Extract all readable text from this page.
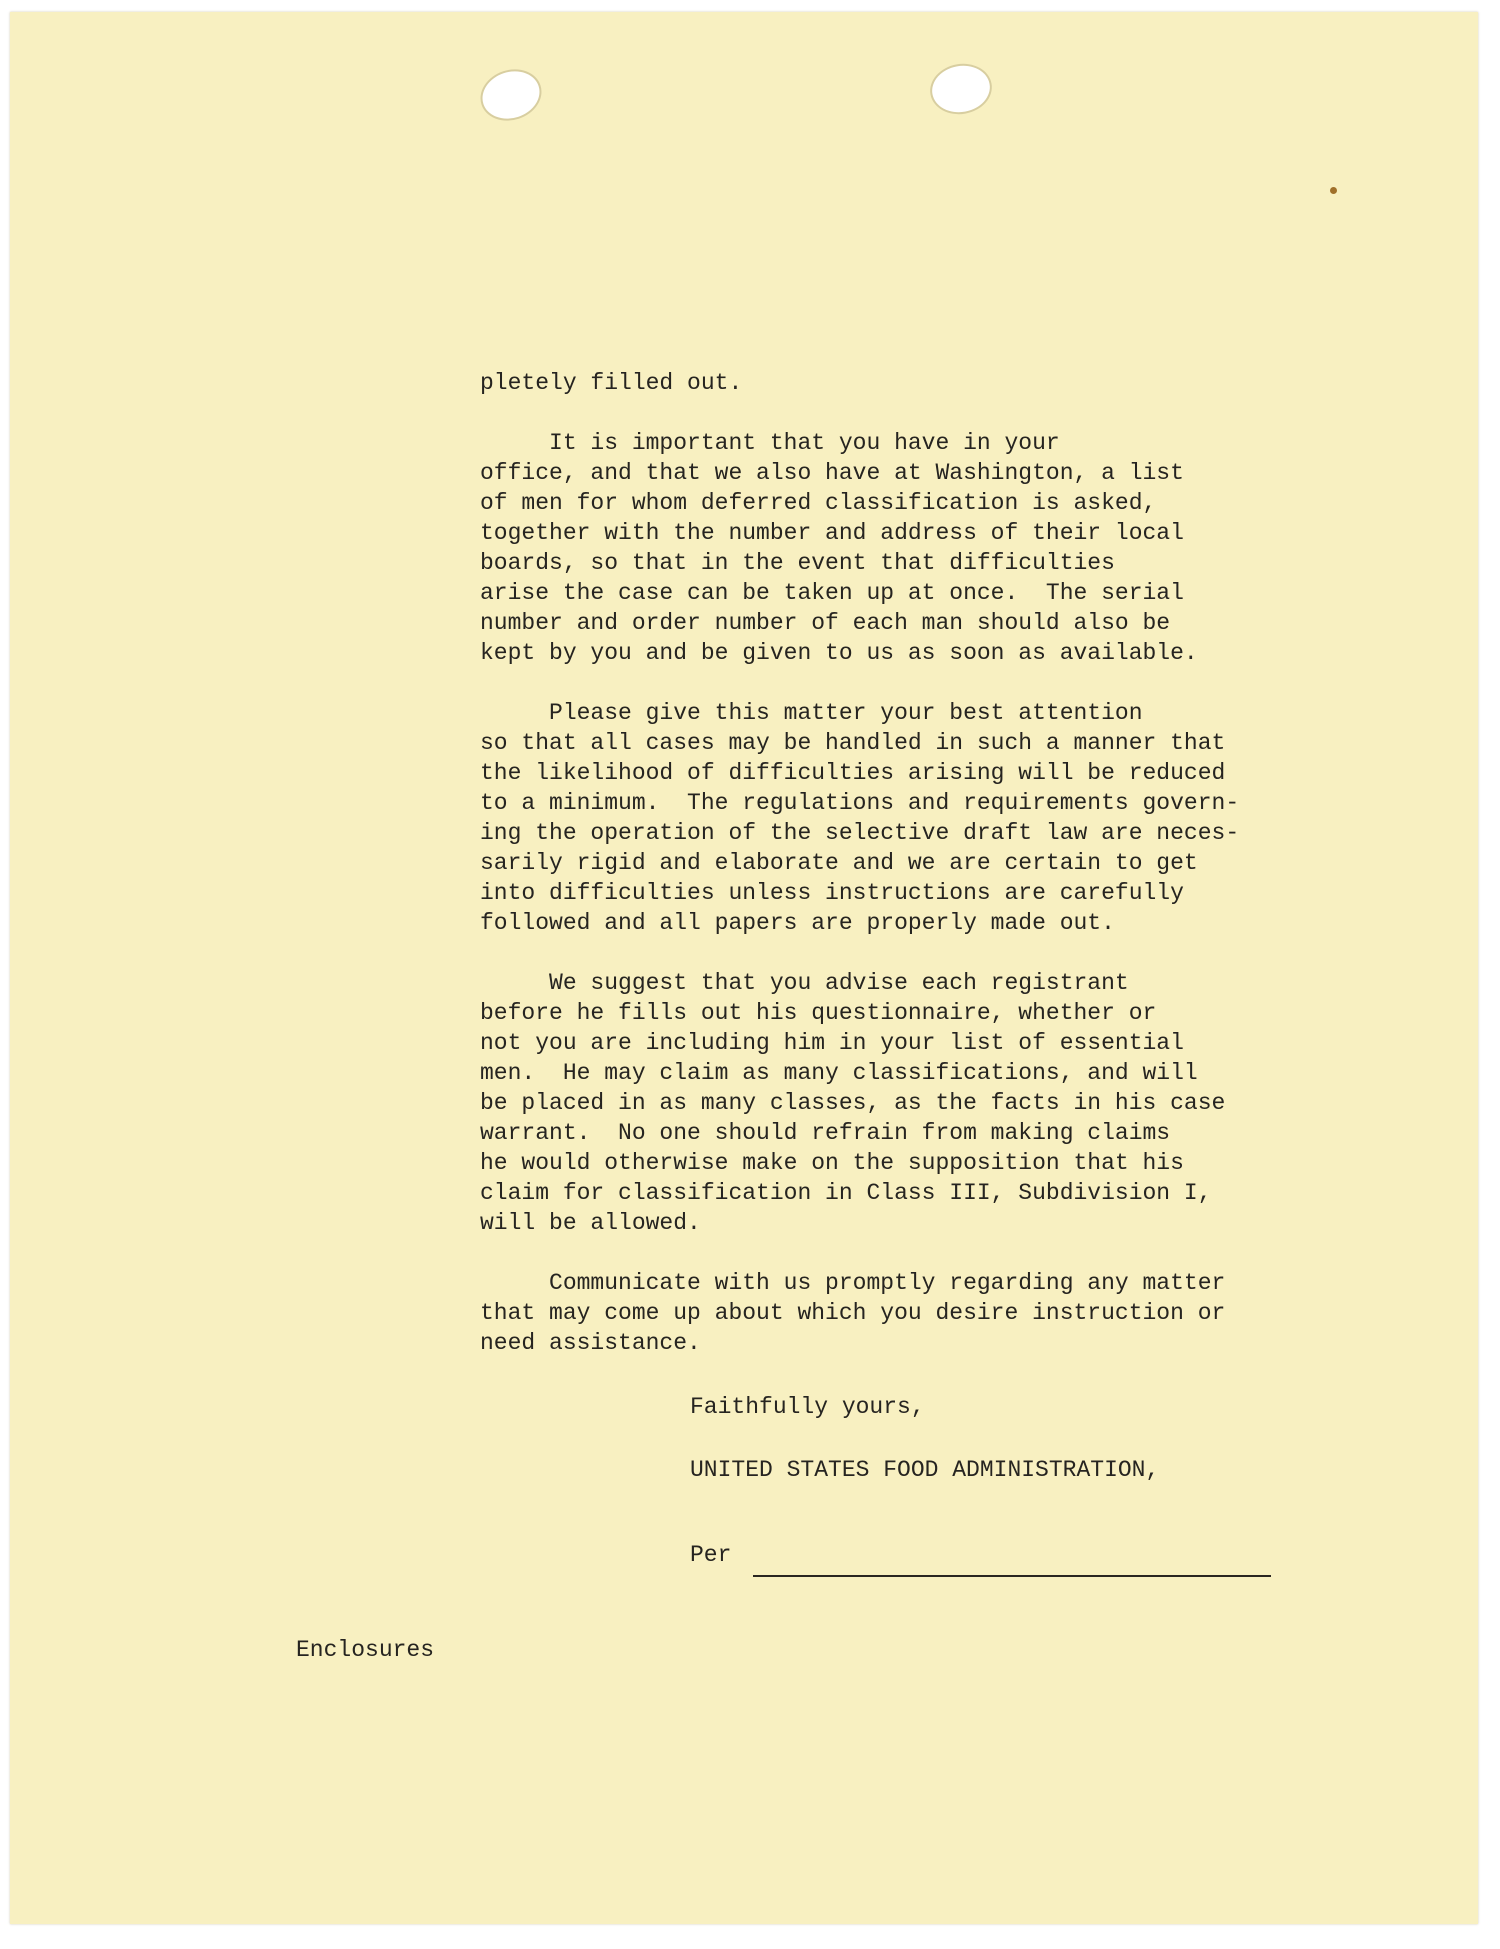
pletely filled out.

It is important that you have in your
office, and that we also have at Washington, a list
of men for whom deferred classification is asked,
together with the number and address of their local
boards, so that in the event that difficulties
arise the case can be taken up at once.  The serial
number and order number of each man should also be
kept by you and be given to us as soon as available.

Please give this matter your best attention
so that all cases may be handled in such a manner that
the likelihood of difficulties arising will be reduced
to a minimum.  The regulations and requirements govern-
ing the operation of the selective draft law are neces-
sarily rigid and elaborate and we are certain to get
into difficulties unless instructions are carefully
followed and all papers are properly made out.

We suggest that you advise each registrant
before he fills out his questionnaire, whether or
not you are including him in your list of essential
men.  He may claim as many classifications, and will
be placed in as many classes, as the facts in his case
warrant.  No one should refrain from making claims
he would otherwise make on the supposition that his
claim for classification in Class III, Subdivision I,
will be allowed.

Communicate with us promptly regarding any matter
that may come up about which you desire instruction or
need assistance.
Faithfully yours,
UNITED STATES FOOD ADMINISTRATION,
Per
Enclosures
